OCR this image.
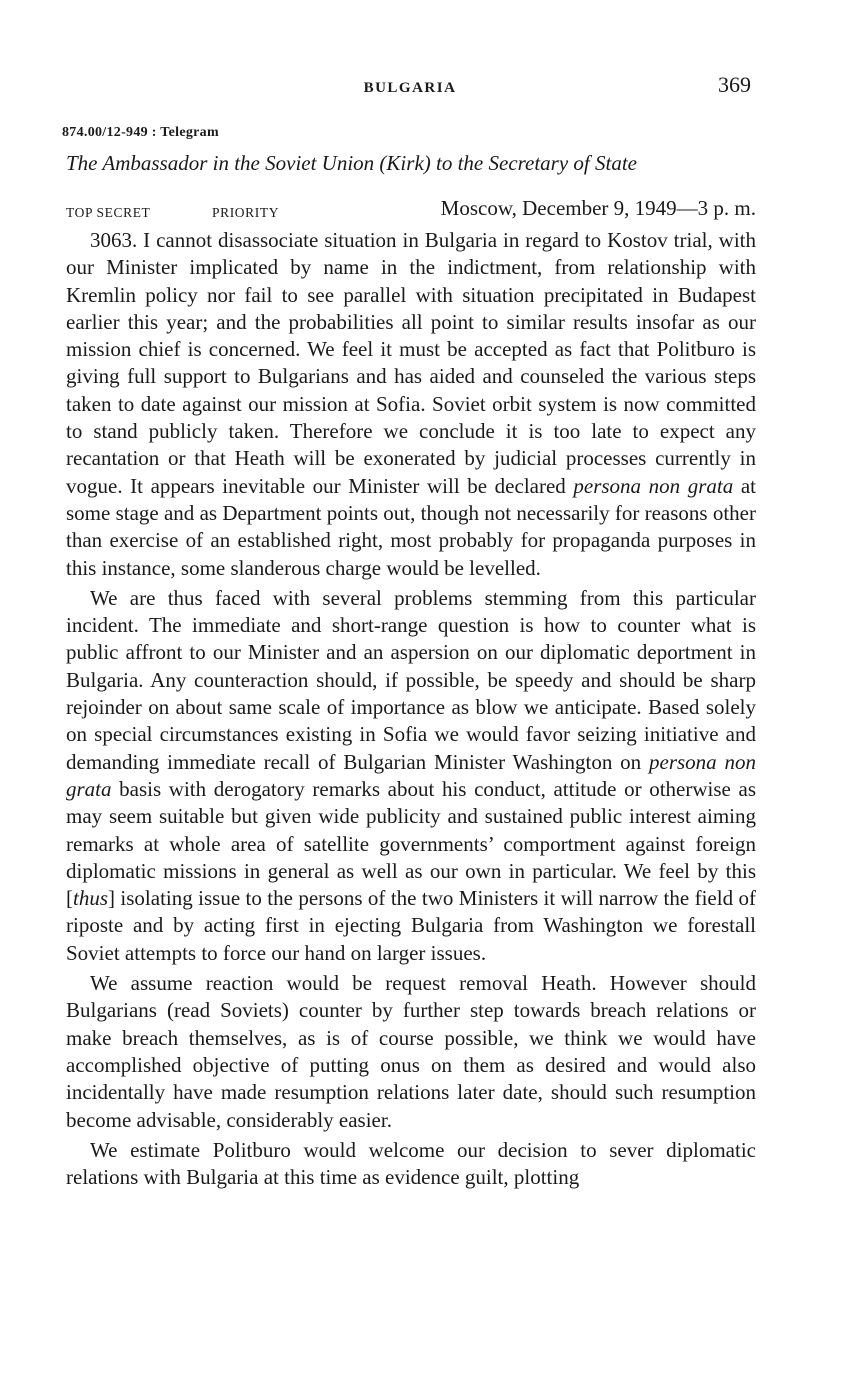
BULGARIA	369
874.00/12-949 : Telegram
The Ambassador in the Soviet Union (Kirk) to the Secretary of State
TOP SECRET	PRIORITY	Moscow, December 9, 1949—3 p. m.

3063. I cannot disassociate situation in Bulgaria in regard to Kostov trial, with our Minister implicated by name in the indictment, from relationship with Kremlin policy nor fail to see parallel with situation precipitated in Budapest earlier this year; and the probabilities all point to similar results insofar as our mission chief is concerned. We feel it must be accepted as fact that Politburo is giving full support to Bulgarians and has aided and counseled the various steps taken to date against our mission at Sofia. Soviet orbit system is now committed to stand publicly taken. Therefore we conclude it is too late to expect any recantation or that Heath will be exonerated by judicial processes currently in vogue. It appears inevitable our Minister will be declared persona non grata at some stage and as Department points out, though not necessarily for reasons other than exercise of an established right, most probably for propaganda purposes in this instance, some slanderous charge would be levelled.

We are thus faced with several problems stemming from this particular incident. The immediate and short-range question is how to counter what is public affront to our Minister and an aspersion on our diplomatic deportment in Bulgaria. Any counteraction should, if possible, be speedy and should be sharp rejoinder on about same scale of importance as blow we anticipate. Based solely on special circumstances existing in Sofia we would favor seizing initiative and demanding immediate recall of Bulgarian Minister Washington on persona non grata basis with derogatory remarks about his conduct, attitude or otherwise as may seem suitable but given wide publicity and sustained public interest aiming remarks at whole area of satellite governments’ comportment against foreign diplomatic missions in general as well as our own in particular. We feel by this [thus] isolating issue to the persons of the two Ministers it will narrow the field of riposte and by acting first in ejecting Bulgaria from Washington we forestall Soviet attempts to force our hand on larger issues.

We assume reaction would be request removal Heath. However should Bulgarians (read Soviets) counter by further step towards breach relations or make breach themselves, as is of course possible, we think we would have accomplished objective of putting onus on them as desired and would also incidentally have made resumption relations later date, should such resumption become advisable, considerably easier.

We estimate Politburo would welcome our decision to sever diplomatic relations with Bulgaria at this time as evidence guilt, plotting
